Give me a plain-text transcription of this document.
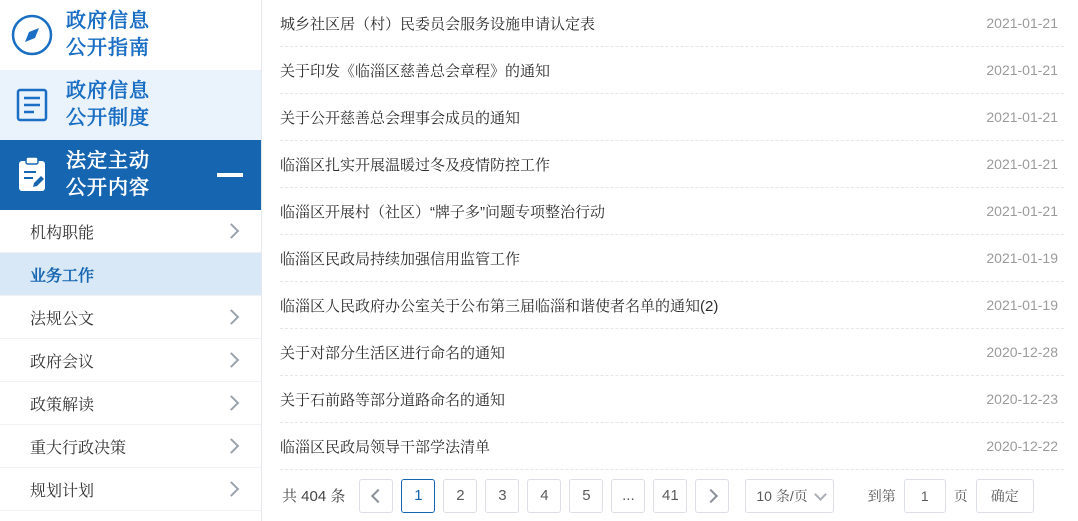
政府信息
公开指南
政府信息
公开制度
法定主动
公开内容
机构职能
业务工作
法规公文
政府会议
政策解读
重大行政决策
规划计划
城乡社区居（村）民委员会服务设施申请认定表	2021-01-21
关于印发《临淄区慈善总会章程》的通知	2021-01-21
关于公开慈善总会理事会成员的通知	2021-01-21
临淄区扎实开展温暖过冬及疫情防控工作	2021-01-21
临淄区开展村（社区）“牌子多”问题专项整治行动	2021-01-21
临淄区民政局持续加强信用监管工作	2021-01-19
临淄区人民政府办公室关于公布第三届临淄和谐使者名单的通知(2)	2021-01-19
关于对部分生活区进行命名的通知	2020-12-28
关于石前路等部分道路命名的通知	2020-12-23
临淄区民政局领导干部学法清单	2020-12-22
共 404 条	1	2	3	4	5	...	41	10 条/页	到第
1	页	确定
